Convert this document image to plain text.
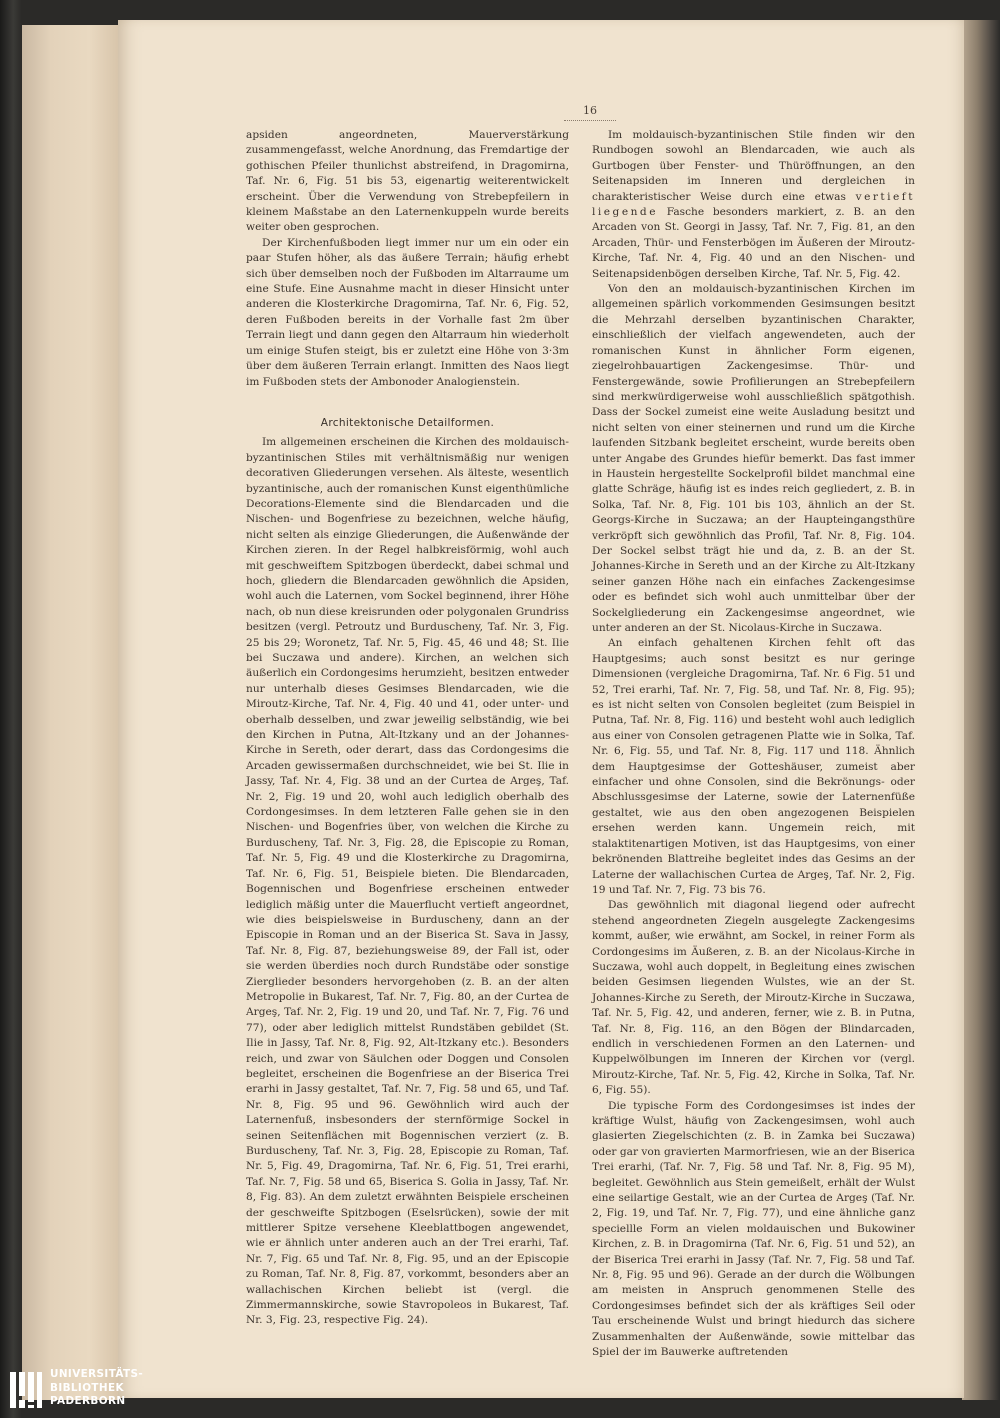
16

apsiden angeordneten, Mauerverstärkung zusammengefasst, welche Anordnung, das Fremdartige der gothischen Pfeiler thunlichst abstreifend, in Dragomirna, Taf. Nr. 6, Fig. 51 bis 53, eigenartig weiterentwickelt erscheint. Über die Verwendung von Strebepfeilern in kleinem Maßstabe an den Laternenkuppeln wurde bereits weiter oben gesprochen.

Der Kirchenfußboden liegt immer nur um ein oder ein paar Stufen höher, als das äußere Terrain; häufig erhebt sich über demselben noch der Fußboden im Altarraume um eine Stufe. Eine Ausnahme macht in dieser Hinsicht unter anderen die Klosterkirche Dragomirna, Taf. Nr. 6, Fig. 52, deren Fußboden bereits in der Vorhalle fast 2m über Terrain liegt und dann gegen den Altarraum hin wiederholt um einige Stufen steigt, bis er zuletzt eine Höhe von 3·3m über dem äußeren Terrain erlangt. Inmitten des Naos liegt im Fußboden stets der Ambonoder Analogienstein.

Architektonische Detailformen.

Im allgemeinen erscheinen die Kirchen des moldauisch-byzantinischen Stiles mit verhältnismäßig nur wenigen decorativen Gliederungen versehen. Als älteste, wesentlich byzantinische, auch der romanischen Kunst eigenthümliche Decorations-Elemente sind die Blendarcaden und die Nischen- und Bogenfriese zu bezeichnen, welche häufig, nicht selten als einzige Gliederungen, die Außenwände der Kirchen zieren. In der Regel halbkreisförmig, wohl auch mit geschweiftem Spitzbogen überdeckt, dabei schmal und hoch, gliedern die Blendarcaden gewöhnlich die Apsiden, wohl auch die Laternen, vom Sockel beginnend, ihrer Höhe nach, ob nun diese kreisrunden oder polygonalen Grundriss besitzen (vergl. Petroutz und Burduscheny, Taf. Nr. 3, Fig. 25 bis 29; Woronetz, Taf. Nr. 5, Fig. 45, 46 und 48; St. Ilie bei Suczawa und andere). Kirchen, an welchen sich äußerlich ein Cordongesims herumzieht, besitzen entweder nur unterhalb dieses Gesimses Blendarcaden, wie die Miroutz-Kirche, Taf. Nr. 4, Fig. 40 und 41, oder unter- und oberhalb desselben, und zwar jeweilig selbständig, wie bei den Kirchen in Putna, Alt-Itzkany und an der Johannes-Kirche in Sereth, oder derart, dass das Cordongesims die Arcaden gewissermaßen durchschneidet, wie bei St. Ilie in Jassy, Taf. Nr. 4, Fig. 38 und an der Curtea de Argeş, Taf. Nr. 2, Fig. 19 und 20, wohl auch lediglich oberhalb des Cordongesimses. In dem letzteren Falle gehen sie in den Nischen- und Bogenfries über, von welchen die Kirche zu Burduscheny, Taf. Nr. 3, Fig. 28, die Episcopie zu Roman, Taf. Nr. 5, Fig. 49 und die Klosterkirche zu Dragomirna, Taf. Nr. 6, Fig. 51, Beispiele bieten. Die Blendarcaden, Bogennischen und Bogenfriese erscheinen entweder lediglich mäßig unter die Mauerflucht vertieft angeordnet, wie dies beispielsweise in Burduscheny, dann an der Episcopie in Roman und an der Biserica St. Sava in Jassy, Taf. Nr. 8, Fig. 87, beziehungsweise 89, der Fall ist, oder sie werden überdies noch durch Rundstäbe oder sonstige Zierglieder besonders hervorgehoben (z. B. an der alten Metropolie in Bukarest, Taf. Nr. 7, Fig. 80, an der Curtea de Argeş, Taf. Nr. 2, Fig. 19 und 20, und Taf. Nr. 7, Fig. 76 und 77), oder aber lediglich mittelst Rundstäben gebildet (St. Ilie in Jassy, Taf. Nr. 8, Fig. 92, Alt-Itzkany etc.). Besonders reich, und zwar von Säulchen oder Doggen und Consolen begleitet, erscheinen die Bogenfriese an der Biserica Trei erarhi in Jassy gestaltet, Taf. Nr. 7, Fig. 58 und 65, und Taf. Nr. 8, Fig. 95 und 96. Gewöhnlich wird auch der Laternenfuß, insbesonders der sternförmige Sockel in seinen Seitenflächen mit Bogennischen verziert (z. B. Burduscheny, Taf. Nr. 3, Fig. 28, Episcopie zu Roman, Taf. Nr. 5, Fig. 49, Dragomirna, Taf. Nr. 6, Fig. 51, Trei erarhi, Taf. Nr. 7, Fig. 58 und 65, Biserica S. Golia in Jassy, Taf. Nr. 8, Fig. 83). An dem zuletzt erwähnten Beispiele erscheinen der geschweifte Spitzbogen (Eselsrücken), sowie der mit mittlerer Spitze versehene Kleeblattbogen angewendet, wie er ähnlich unter anderen auch an der Trei erarhi, Taf. Nr. 7, Fig. 65 und Taf. Nr. 8, Fig. 95, und an der Episcopie zu Roman, Taf. Nr. 8, Fig. 87, vorkommt, besonders aber an wallachischen Kirchen beliebt ist (vergl. die Zimmermannskirche, sowie Stavropoleos in Bukarest, Taf. Nr. 3, Fig. 23, respective Fig. 24).

Im moldauisch-byzantinischen Stile finden wir den Rundbogen sowohl an Blendarcaden, wie auch als Gurtbogen über Fenster- und Thüröffnungen, an den Seitenapsiden im Inneren und dergleichen in charakteristischer Weise durch eine etwas vertieft liegende Fasche besonders markiert, z. B. an den Arcaden von St. Georgi in Jassy, Taf. Nr. 7, Fig. 81, an den Arcaden, Thür- und Fensterbögen im Äußeren der Miroutz-Kirche, Taf. Nr. 4, Fig. 40 und an den Nischen- und Seitenapsidenbögen derselben Kirche, Taf. Nr. 5, Fig. 42.

Von den an moldauisch-byzantinischen Kirchen im allgemeinen spärlich vorkommenden Gesimsungen besitzt die Mehrzahl derselben byzantinischen Charakter, einschließlich der vielfach angewendeten, auch der romanischen Kunst in ähnlicher Form eigenen, ziegelrohbauartigen Zackengesimse. Thür- und Fenstergewände, sowie Profilierungen an Strebepfeilern sind merkwürdigerweise wohl ausschließlich spätgothish. Dass der Sockel zumeist eine weite Ausladung besitzt und nicht selten von einer steinernen und rund um die Kirche laufenden Sitzbank begleitet erscheint, wurde bereits oben unter Angabe des Grundes hiefür bemerkt. Das fast immer in Haustein hergestellte Sockelprofil bildet manchmal eine glatte Schräge, häufig ist es indes reich gegliedert, z. B. in Solka, Taf. Nr. 8, Fig. 101 bis 103, ähnlich an der St. Georgs-Kirche in Suczawa; an der Haupteingangsthüre verkröpft sich gewöhnlich das Profil, Taf. Nr. 8, Fig. 104. Der Sockel selbst trägt hie und da, z. B. an der St. Johannes-Kirche in Sereth und an der Kirche zu Alt-Itzkany seiner ganzen Höhe nach ein einfaches Zackengesimse oder es befindet sich wohl auch unmittelbar über der Sockelgliederung ein Zackengesimse angeordnet, wie unter anderen an der St. Nicolaus-Kirche in Suczawa.

An einfach gehaltenen Kirchen fehlt oft das Hauptgesims; auch sonst besitzt es nur geringe Dimensionen (vergleiche Dragomirna, Taf. Nr. 6 Fig. 51 und 52, Trei erarhi, Taf. Nr. 7, Fig. 58, und Taf. Nr. 8, Fig. 95); es ist nicht selten von Consolen begleitet (zum Beispiel in Putna, Taf. Nr. 8, Fig. 116) und besteht wohl auch lediglich aus einer von Consolen getragenen Platte wie in Solka, Taf. Nr. 6, Fig. 55, und Taf. Nr. 8, Fig. 117 und 118. Ähnlich dem Hauptgesimse der Gotteshäuser, zumeist aber einfacher und ohne Consolen, sind die Bekrönungs- oder Abschlussgesimse der Laterne, sowie der Laternenfüße gestaltet, wie aus den oben angezogenen Beispielen ersehen werden kann. Ungemein reich, mit stalaktitenartigen Motiven, ist das Hauptgesims, von einer bekrönenden Blattreihe begleitet indes das Gesims an der Laterne der wallachischen Curtea de Argeş, Taf. Nr. 2, Fig. 19 und Taf. Nr. 7, Fig. 73 bis 76.

Das gewöhnlich mit diagonal liegend oder aufrecht stehend angeordneten Ziegeln ausgelegte Zackengesims kommt, außer, wie erwähnt, am Sockel, in reiner Form als Cordongesims im Äußeren, z. B. an der Nicolaus-Kirche in Suczawa, wohl auch doppelt, in Begleitung eines zwischen beiden Gesimsen liegenden Wulstes, wie an der St. Johannes-Kirche zu Sereth, der Miroutz-Kirche in Suczawa, Taf. Nr. 5, Fig. 42, und anderen, ferner, wie z. B. in Putna, Taf. Nr. 8, Fig. 116, an den Bögen der Blindarcaden, endlich in verschiedenen Formen an den Laternen- und Kuppelwölbungen im Inneren der Kirchen vor (vergl. Miroutz-Kirche, Taf. Nr. 5, Fig. 42, Kirche in Solka, Taf. Nr. 6, Fig. 55).

Die typische Form des Cordongesimses ist indes der kräftige Wulst, häufig von Zackengesimsen, wohl auch glasierten Ziegelschichten (z. B. in Zamka bei Suczawa) oder gar von gravierten Marmorfriesen, wie an der Biserica Trei erarhi, (Taf. Nr. 7, Fig. 58 und Taf. Nr. 8, Fig. 95 M), begleitet. Gewöhnlich aus Stein gemeißelt, erhält der Wulst eine seilartige Gestalt, wie an der Curtea de Argeş (Taf. Nr. 2, Fig. 19, und Taf. Nr. 7, Fig. 77), und eine ähnliche ganz speciellle Form an vielen moldauischen und Bukowiner Kirchen, z. B. in Dragomirna (Taf. Nr. 6, Fig. 51 und 52), an der Biserica Trei erarhi in Jassy (Taf. Nr. 7, Fig. 58 und Taf. Nr. 8, Fig. 95 und 96). Gerade an der durch die Wölbungen am meisten in Anspruch genommenen Stelle des Cordongesimses befindet sich der als kräftiges Seil oder Tau erscheinende Wulst und bringt hiedurch das sichere Zusammenhalten der Außenwände, sowie mittelbar das Spiel der im Bauwerke auftretenden

UNIVERSITÄTS-
BIBLIOTHEK
PADERBORN
